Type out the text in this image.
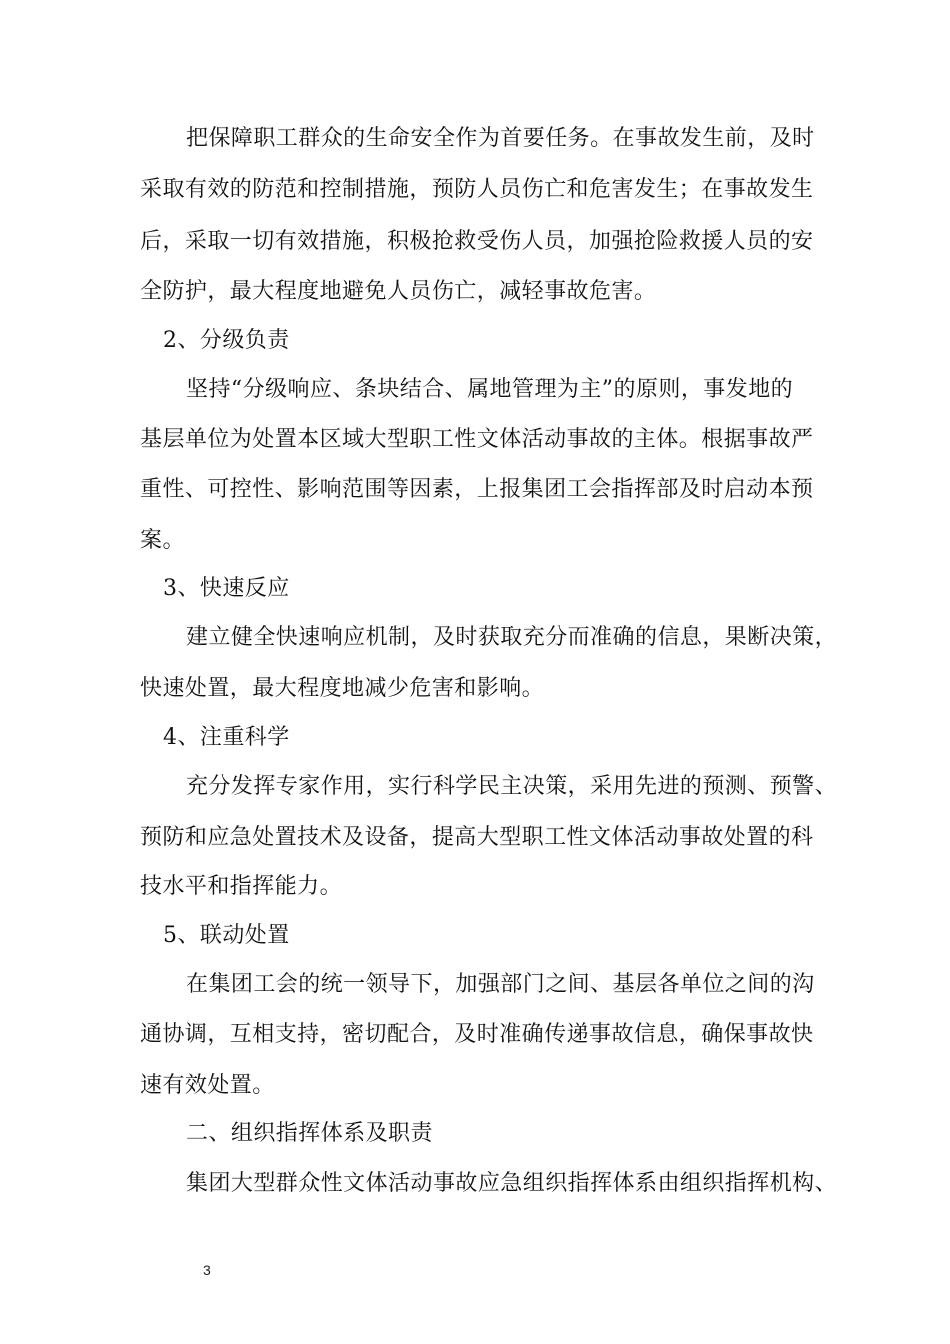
把保障职工群众的生命安全作为首要任务。在事故发生前，及时
采取有效的防范和控制措施，预防人员伤亡和危害发生；在事故发生
后，采取一切有效措施，积极抢救受伤人员，加强抢险救援人员的安
全防护，最大程度地避免人员伤亡，减轻事故危害。
2、分级负责
坚持“分级响应、条块结合、属地管理为主”的原则，事发地的
基层单位为处置本区域大型职工性文体活动事故的主体。根据事故严
重性、可控性、影响范围等因素，上报集团工会指挥部及时启动本预
案。
3、快速反应
建立健全快速响应机制，及时获取充分而准确的信息，果断决策，
快速处置，最大程度地减少危害和影响。
4、注重科学
充分发挥专家作用，实行科学民主决策，采用先进的预测、预警、
预防和应急处置技术及设备，提高大型职工性文体活动事故处置的科
技水平和指挥能力。
5、联动处置
在集团工会的统一领导下，加强部门之间、基层各单位之间的沟
通协调，互相支持，密切配合，及时准确传递事故信息，确保事故快
速有效处置。
二、组织指挥体系及职责
集团大型群众性文体活动事故应急组织指挥体系由组织指挥机构、
3
